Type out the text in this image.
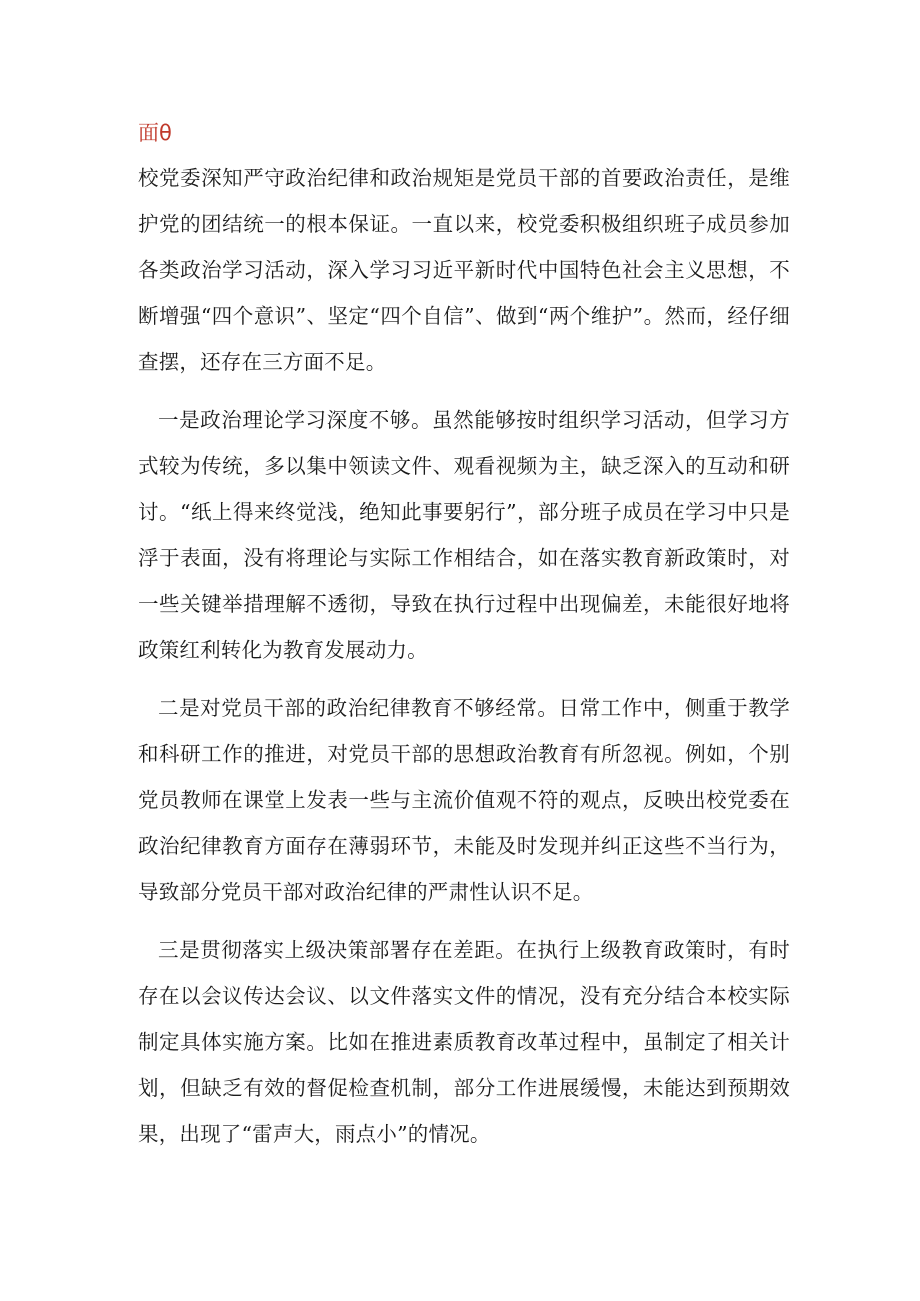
面θ

校党委深知严守政治纪律和政治规矩是党员干部的首要政治责任，是维护党的团结统一的根本保证。一直以来，校党委积极组织班子成员参加各类政治学习活动，深入学习习近平新时代中国特色社会主义思想，不断增强“四个意识”、坚定“四个自信”、做到“两个维护”。然而，经仔细查摆，还存在三方面不足。

一是政治理论学习深度不够。虽然能够按时组织学习活动，但学习方式较为传统，多以集中领读文件、观看视频为主，缺乏深入的互动和研讨。“纸上得来终觉浅，绝知此事要躬行”，部分班子成员在学习中只是浮于表面，没有将理论与实际工作相结合，如在落实教育新政策时，对一些关键举措理解不透彻，导致在执行过程中出现偏差，未能很好地将政策红利转化为教育发展动力。

二是对党员干部的政治纪律教育不够经常。日常工作中，侧重于教学和科研工作的推进，对党员干部的思想政治教育有所忽视。例如，个别党员教师在课堂上发表一些与主流价值观不符的观点，反映出校党委在政治纪律教育方面存在薄弱环节，未能及时发现并纠正这些不当行为，导致部分党员干部对政治纪律的严肃性认识不足。

三是贯彻落实上级决策部署存在差距。在执行上级教育政策时，有时存在以会议传达会议、以文件落实文件的情况，没有充分结合本校实际制定具体实施方案。比如在推进素质教育改革过程中，虽制定了相关计划，但缺乏有效的督促检查机制，部分工作进展缓慢，未能达到预期效果，出现了“雷声大，雨点小”的情况。
